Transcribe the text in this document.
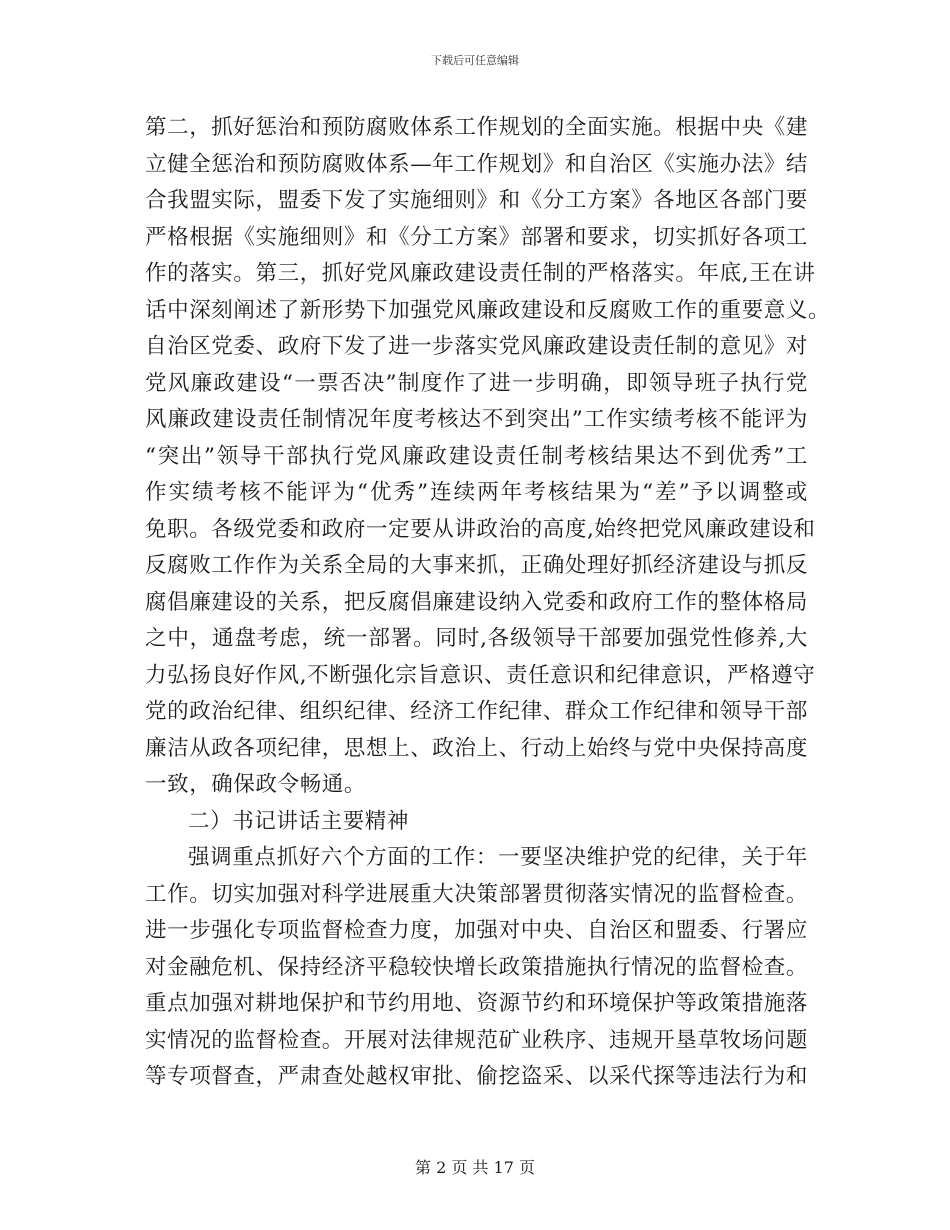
下载后可任意编辑
第二，抓好惩治和预防腐败体系工作规划的全面实施。根据中央《建
立健全惩治和预防腐败体系—年工作规划》和自治区《实施办法》结
合我盟实际，盟委下发了实施细则》和《分工方案》各地区各部门要
严格根据《实施细则》和《分工方案》部署和要求，切实抓好各项工
作的落实。第三，抓好党风廉政建设责任制的严格落实。年底,王在讲
话中深刻阐述了新形势下加强党风廉政建设和反腐败工作的重要意义。
自治区党委、政府下发了进一步落实党风廉政建设责任制的意见》对
党风廉政建设“一票否决”制度作了进一步明确，即领导班子执行党
风廉政建设责任制情况年度考核达不到突出”工作实绩考核不能评为
“突出”领导干部执行党风廉政建设责任制考核结果达不到优秀”工
作实绩考核不能评为“优秀”连续两年考核结果为“差”予以调整或
免职。各级党委和政府一定要从讲政治的高度,始终把党风廉政建设和
反腐败工作作为关系全局的大事来抓，正确处理好抓经济建设与抓反
腐倡廉建设的关系，把反腐倡廉建设纳入党委和政府工作的整体格局
之中，通盘考虑，统一部署。同时,各级领导干部要加强党性修养,大
力弘扬良好作风,不断强化宗旨意识、责任意识和纪律意识，严格遵守
党的政治纪律、组织纪律、经济工作纪律、群众工作纪律和领导干部
廉洁从政各项纪律，思想上、政治上、行动上始终与党中央保持高度
一致，确保政令畅通。
二）书记讲话主要精神
强调重点抓好六个方面的工作：一要坚决维护党的纪律，关于年
工作。切实加强对科学进展重大决策部署贯彻落实情况的监督检查。
进一步强化专项监督检查力度，加强对中央、自治区和盟委、行署应
对金融危机、保持经济平稳较快增长政策措施执行情况的监督检查。
重点加强对耕地保护和节约用地、资源节约和环境保护等政策措施落
实情况的监督检查。开展对法律规范矿业秩序、违规开垦草牧场问题
等专项督查，严肃查处越权审批、偷挖盗采、以采代探等违法行为和
第 2 页 共 17 页
